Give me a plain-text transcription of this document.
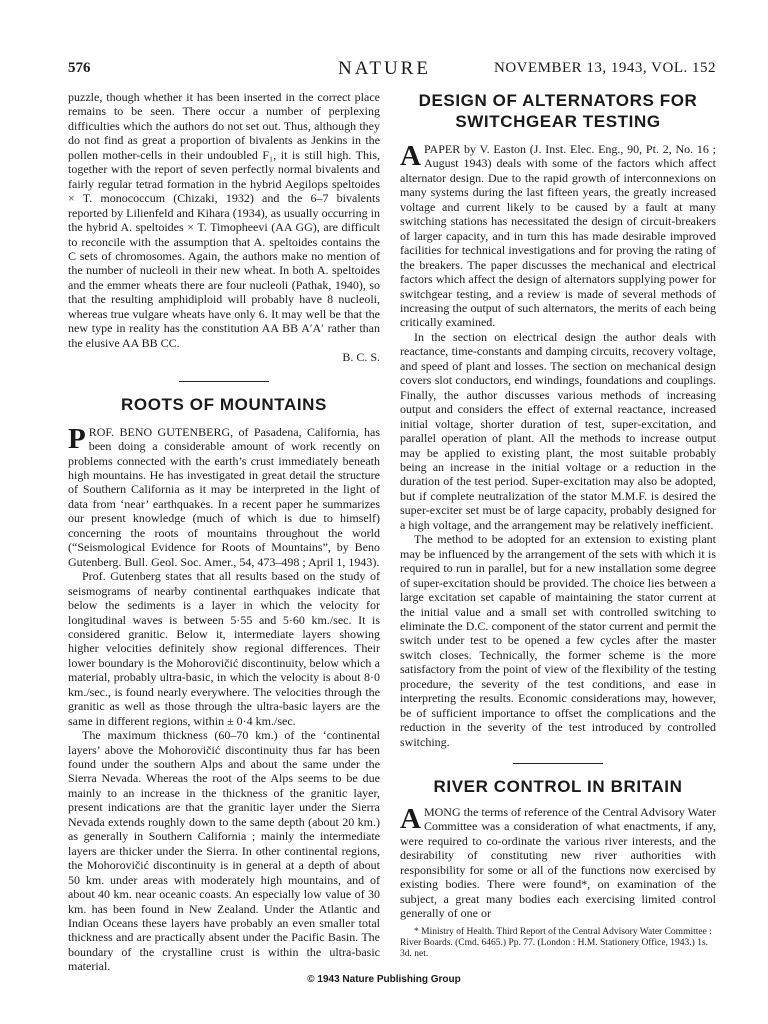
576	NATURE	NOVEMBER 13, 1943, VOL. 152

puzzle, though whether it has been inserted in the correct place remains to be seen. There occur a number of perplexing difficulties which the authors do not set out. Thus, although they do not find as great a proportion of bivalents as Jenkins in the pollen mother-cells in their undoubled F₁, it is still high. This, together with the report of seven perfectly normal bivalents and fairly regular tetrad formation in the hybrid Aegilops speltoides × T. monococcum (Chizaki, 1932) and the 6–7 bivalents reported by Lilienfeld and Kihara (1934), as usually occurring in the hybrid A. speltoides × T. Timopheevi (AA GG), are difficult to reconcile with the assumption that A. speltoides contains the C sets of chromosomes. Again, the authors make no mention of the number of nucleoli in their new wheat. In both A. speltoides and the emmer wheats there are four nucleoli (Pathak, 1940), so that the resulting amphidiploid will probably have 8 nucleoli, whereas true vulgare wheats have only 6. It may well be that the new type in reality has the constitution AA BB A′A′ rather than the elusive AA BB CC.

B. C. S.

ROOTS OF MOUNTAINS

PROF. BENO GUTENBERG, of Pasadena, California, has been doing a considerable amount of work recently on problems connected with the earth’s crust immediately beneath high mountains. He has investigated in great detail the structure of Southern California as it may be interpreted in the light of data from ‘near’ earthquakes. In a recent paper he summarizes our present knowledge (much of which is due to himself) concerning the roots of mountains throughout the world (“Seismological Evidence for Roots of Mountains”, by Beno Gutenberg. Bull. Geol. Soc. Amer., 54, 473–498 ; April 1, 1943).

Prof. Gutenberg states that all results based on the study of seismograms of nearby continental earthquakes indicate that below the sediments is a layer in which the velocity for longitudinal waves is between 5·55 and 5·60 km./sec. It is considered granitic. Below it, intermediate layers showing higher velocities definitely show regional differences. Their lower boundary is the Mohorovičić discontinuity, below which a material, probably ultra-basic, in which the velocity is about 8·0 km./sec., is found nearly everywhere. The velocities through the granitic as well as those through the ultra-basic layers are the same in different regions, within ± 0·4 km./sec.

The maximum thickness (60–70 km.) of the ‘continental layers’ above the Mohorovičić discontinuity thus far has been found under the southern Alps and about the same under the Sierra Nevada. Whereas the root of the Alps seems to be due mainly to an increase in the thickness of the granitic layer, present indications are that the granitic layer under the Sierra Nevada extends roughly down to the same depth (about 20 km.) as generally in Southern California ; mainly the intermediate layers are thicker under the Sierra. In other continental regions, the Mohorovičić discontinuity is in general at a depth of about 50 km. under areas with moderately high mountains, and of about 40 km. near oceanic coasts. An especially low value of 30 km. has been found in New Zealand. Under the Atlantic and Indian Oceans these layers have probably an even smaller total thickness and are practically absent under the Pacific Basin. The boundary of the crystalline crust is within the ultra-basic material.

DESIGN OF ALTERNATORS FOR SWITCHGEAR TESTING

A PAPER by V. Easton (J. Inst. Elec. Eng., 90, Pt. 2, No. 16 ; August 1943) deals with some of the factors which affect alternator design. Due to the rapid growth of interconnexions on many systems during the last fifteen years, the greatly increased voltage and current likely to be caused by a fault at many switching stations has necessitated the design of circuit-breakers of larger capacity, and in turn this has made desirable improved facilities for technical investigations and for proving the rating of the breakers. The paper discusses the mechanical and electrical factors which affect the design of alternators supplying power for switchgear testing, and a review is made of several methods of increasing the output of such alternators, the merits of each being critically examined.

In the section on electrical design the author deals with reactance, time-constants and damping circuits, recovery voltage, and speed of plant and losses. The section on mechanical design covers slot conductors, end windings, foundations and couplings. Finally, the author discusses various methods of increasing output and considers the effect of external reactance, increased initial voltage, shorter duration of test, super-excitation, and parallel operation of plant. All the methods to increase output may be applied to existing plant, the most suitable probably being an increase in the initial voltage or a reduction in the duration of the test period. Super-excitation may also be adopted, but if complete neutralization of the stator M.M.F. is desired the super-exciter set must be of large capacity, probably designed for a high voltage, and the arrangement may be relatively inefficient.

The method to be adopted for an extension to existing plant may be influenced by the arrangement of the sets with which it is required to run in parallel, but for a new installation some degree of super-excitation should be provided. The choice lies between a large excitation set capable of maintaining the stator current at the initial value and a small set with controlled switching to eliminate the D.C. component of the stator current and permit the switch under test to be opened a few cycles after the master switch closes. Technically, the former scheme is the more satisfactory from the point of view of the flexibility of the testing procedure, the severity of the test conditions, and ease in interpreting the results. Economic considerations may, however, be of sufficient importance to offset the complications and the reduction in the severity of the test introduced by controlled switching.

RIVER CONTROL IN BRITAIN

AMONG the terms of reference of the Central Advisory Water Committee was a consideration of what enactments, if any, were required to co-ordinate the various river interests, and the desirability of constituting new river authorities with responsibility for some or all of the functions now exercised by existing bodies. There were found*, on examination of the subject, a great many bodies each exercising limited control generally of one or

* Ministry of Health. Third Report of the Central Advisory Water Committee : River Boards. (Cmd. 6465.) Pp. 77. (London : H.M. Stationery Office, 1943.) 1s. 3d. net.

© 1943 Nature Publishing Group
